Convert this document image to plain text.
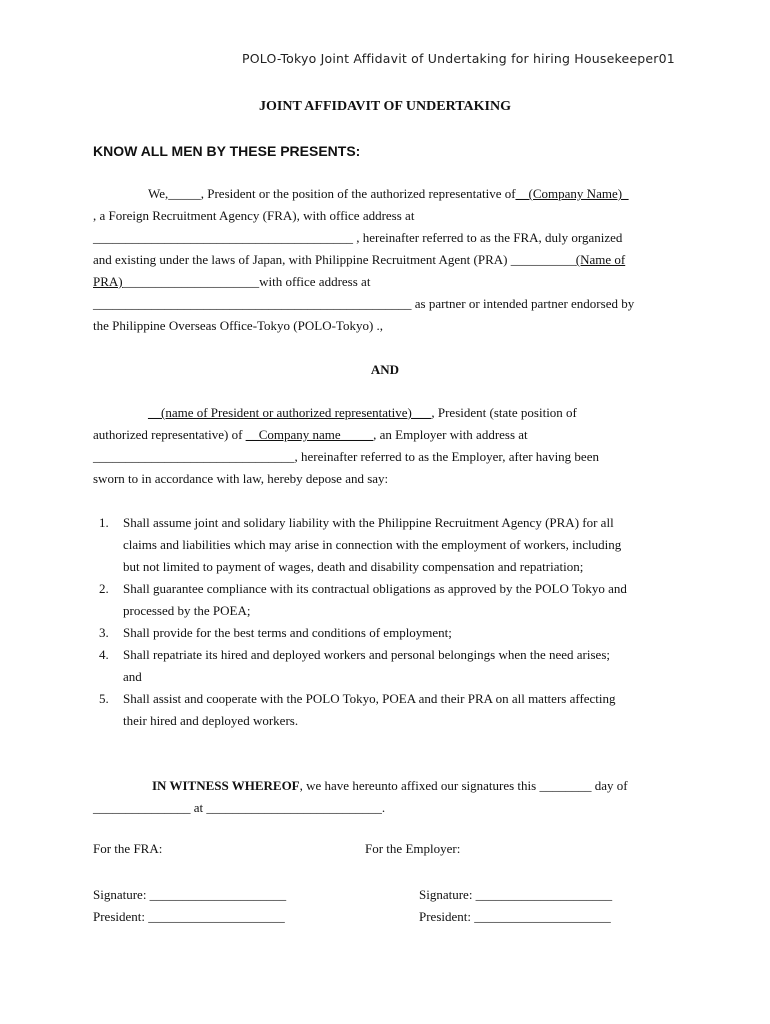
POLO-Tokyo Joint Affidavit of Undertaking for hiring Housekeeper01
JOINT AFFIDAVIT OF UNDERTAKING
KNOW ALL MEN BY THESE PRESENTS:
We,_____, President or the position of the authorized representative of__(Company Name)_
, a Foreign Recruitment Agency (FRA), with office address at
________________________________________ , hereinafter referred to as the FRA, duly organized
and existing under the laws of Japan, with Philippine Recruitment Agent (PRA) __________(Name of
PRA)_____________________with office address at
_________________________________________________ as partner or intended partner endorsed by
the Philippine Overseas Office-Tokyo (POLO-Tokyo) .,
AND
__(name of President or authorized representative)___, President (state position of
authorized representative) of __Company name_____, an Employer with address at
_______________________________, hereinafter referred to as the Employer, after having been
sworn to in accordance with law, hereby depose and say:
1. Shall assume joint and solidary liability with the Philippine Recruitment Agency (PRA) for all
claims and liabilities which may arise in connection with the employment of workers, including
but not limited to payment of wages, death and disability compensation and repatriation;
2. Shall guarantee compliance with its contractual obligations as approved by the POLO Tokyo and
processed by the POEA;
3. Shall provide for the best terms and conditions of employment;
4. Shall repatriate its hired and deployed workers and personal belongings when the need arises;
and
5. Shall assist and cooperate with the POLO Tokyo, POEA and their PRA on all matters affecting
their hired and deployed workers.
IN WITNESS WHEREOF, we have hereunto affixed our signatures this ________ day of
_______________ at ___________________________.
For the FRA:	For the Employer:
Signature: _____________________
President: _____________________
Signature: _____________________
President: _____________________
